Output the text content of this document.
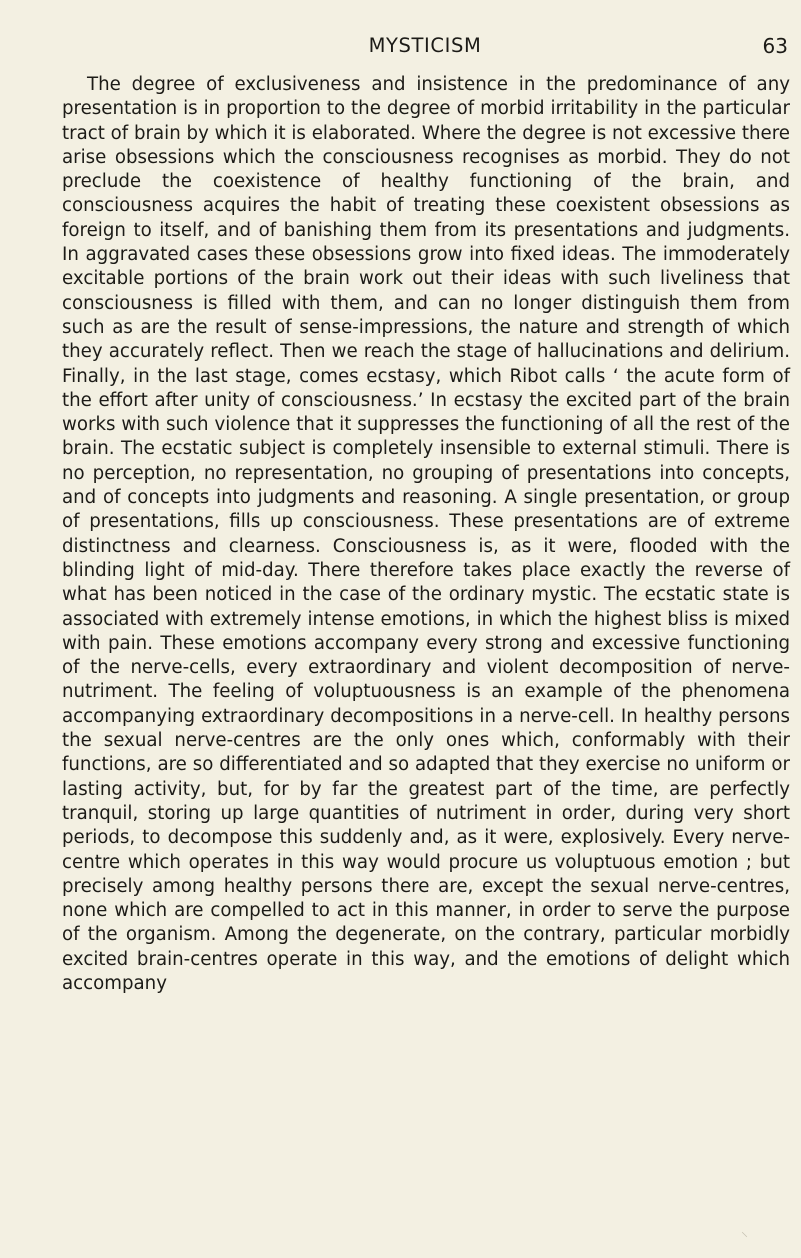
MYSTICISM	63

The degree of exclusiveness and insistence in the predominance of any presentation is in proportion to the degree of morbid irritability in the particular tract of brain by which it is elaborated. Where the degree is not excessive there arise obsessions which the consciousness recognises as morbid. They do not preclude the coexistence of healthy functioning of the brain, and consciousness acquires the habit of treating these coexistent obsessions as foreign to itself, and of banishing them from its presentations and judgments. In aggravated cases these obsessions grow into fixed ideas. The immoderately excitable portions of the brain work out their ideas with such liveliness that consciousness is filled with them, and can no longer distinguish them from such as are the result of sense-impressions, the nature and strength of which they accurately reflect. Then we reach the stage of hallucinations and delirium. Finally, in the last stage, comes ecstasy, which Ribot calls ‘ the acute form of the effort after unity of consciousness.’ In ecstasy the excited part of the brain works with such violence that it suppresses the functioning of all the rest of the brain. The ecstatic subject is completely insensible to external stimuli. There is no perception, no representation, no grouping of presentations into concepts, and of concepts into judgments and reasoning. A single presentation, or group of presentations, fills up consciousness. These presentations are of extreme distinctness and clearness. Consciousness is, as it were, flooded with the blinding light of mid-day. There therefore takes place exactly the reverse of what has been noticed in the case of the ordinary mystic. The ecstatic state is associated with extremely intense emotions, in which the highest bliss is mixed with pain. These emotions accompany every strong and excessive functioning of the nerve-cells, every extraordinary and violent decomposition of nerve-nutriment. The feeling of voluptuousness is an example of the phenomena accompanying extraordinary decompositions in a nerve-cell. In healthy persons the sexual nerve-centres are the only ones which, conformably with their functions, are so differentiated and so adapted that they exercise no uniform or lasting activity, but, for by far the greatest part of the time, are perfectly tranquil, storing up large quantities of nutriment in order, during very short periods, to decompose this suddenly and, as it were, explosively. Every nerve-centre which operates in this way would procure us voluptuous emotion ; but precisely among healthy persons there are, except the sexual nerve-centres, none which are compelled to act in this manner, in order to serve the purpose of the organism. Among the degenerate, on the contrary, particular morbidly excited brain-centres operate in this way, and the emotions of delight which accompany

⸜
